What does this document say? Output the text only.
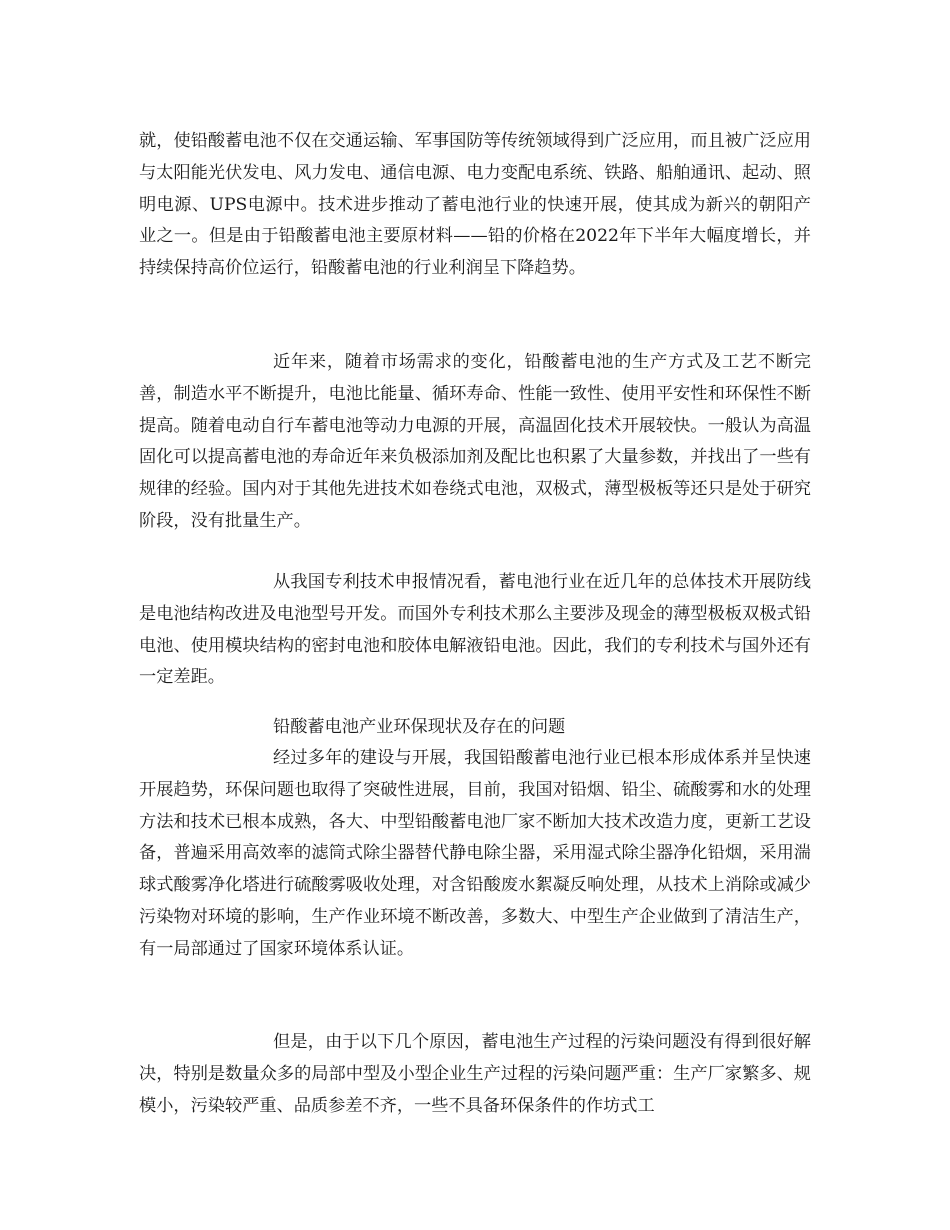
就，使铅酸蓄电池不仅在交通运输、军事国防等传统领域得到广泛应用，而且被广泛应用与太阳能光伏发电、风力发电、通信电源、电力变配电系统、铁路、船舶通讯、起动、照明电源、UPS电源中。技术进步推动了蓄电池行业的快速开展，使其成为新兴的朝阳产业之一。但是由于铅酸蓄电池主要原材料——铅的价格在2022年下半年大幅度增长，并持续保持高价位运行，铅酸蓄电池的行业利润呈下降趋势。

近年来，随着市场需求的变化，铅酸蓄电池的生产方式及工艺不断完善，制造水平不断提升，电池比能量、循环寿命、性能一致性、使用平安性和环保性不断提高。随着电动自行车蓄电池等动力电源的开展，高温固化技术开展较快。一般认为高温固化可以提高蓄电池的寿命近年来负极添加剂及配比也积累了大量参数，并找出了一些有规律的经验。国内对于其他先进技术如卷绕式电池，双极式，薄型极板等还只是处于研究阶段，没有批量生产。

从我国专利技术申报情况看，蓄电池行业在近几年的总体技术开展防线是电池结构改进及电池型号开发。而国外专利技术那么主要涉及现金的薄型极板双极式铅电池、使用模块结构的密封电池和胶体电解液铅电池。因此，我们的专利技术与国外还有一定差距。

铅酸蓄电池产业环保现状及存在的问题

经过多年的建设与开展，我国铅酸蓄电池行业已根本形成体系并呈快速开展趋势，环保问题也取得了突破性进展，目前，我国对铅烟、铅尘、硫酸雾和水的处理方法和技术已根本成熟，各大、中型铅酸蓄电池厂家不断加大技术改造力度，更新工艺设备，普遍采用高效率的滤筒式除尘器替代静电除尘器，采用湿式除尘器净化铅烟，采用湍球式酸雾净化塔进行硫酸雾吸收处理，对含铅酸废水絮凝反响处理，从技术上消除或减少污染物对环境的影响，生产作业环境不断改善，多数大、中型生产企业做到了清洁生产，有一局部通过了国家环境体系认证。

但是，由于以下几个原因，蓄电池生产过程的污染问题没有得到很好解决，特别是数量众多的局部中型及小型企业生产过程的污染问题严重：生产厂家繁多、规模小，污染较严重、品质参差不齐，一些不具备环保条件的作坊式工
